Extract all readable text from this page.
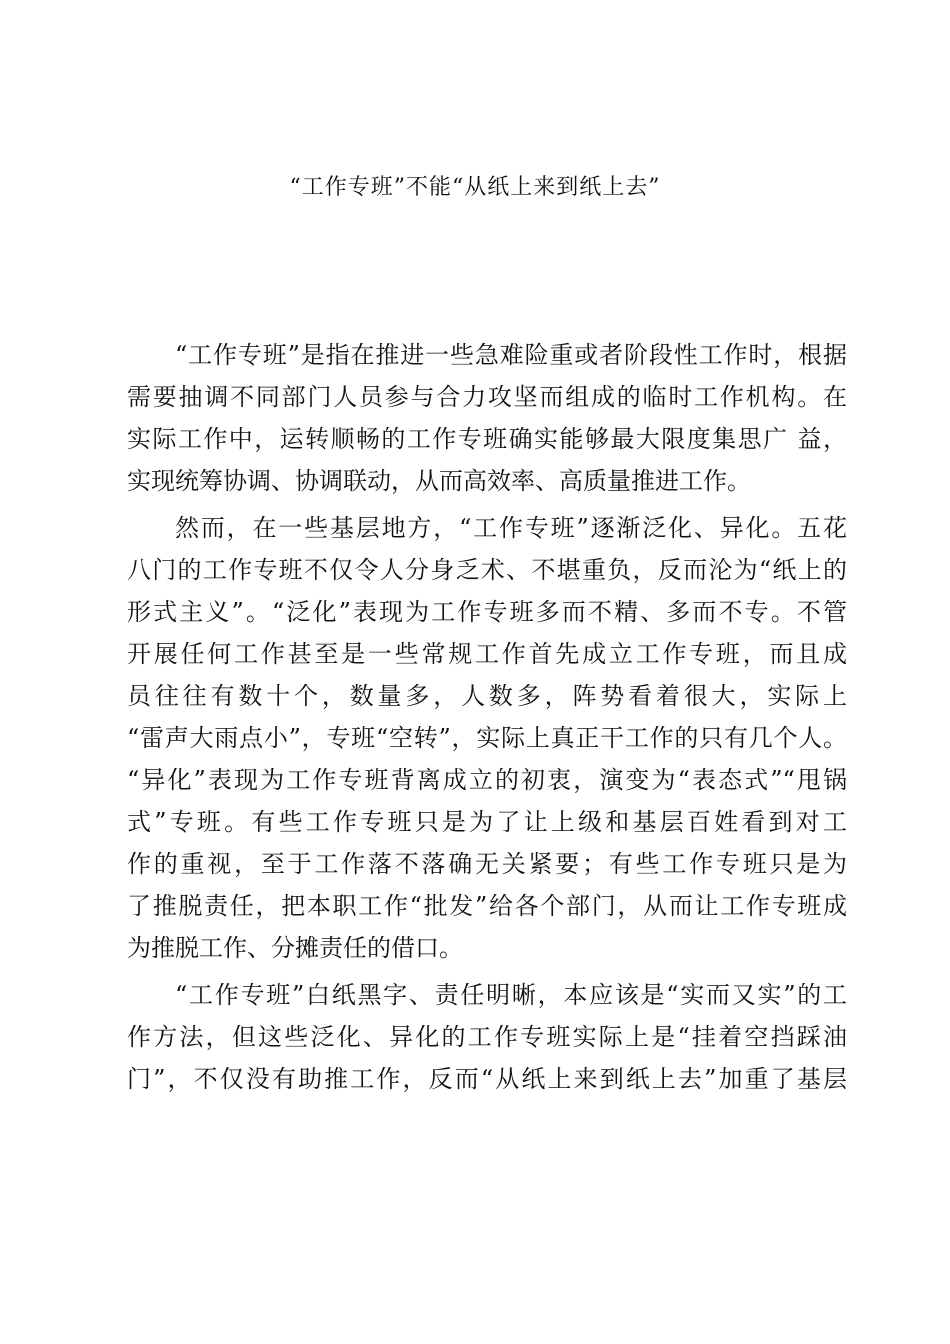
“工作专班”不能“从纸上来到纸上去”
“工作专班”是指在推进一些急难险重或者阶段性工作时，根据
需要抽调不同部门人员参与合力攻坚而组成的临时工作机构。在
实际工作中，运转顺畅的工作专班确实能够最大限度集思广 益，
实现统筹协调、协调联动，从而高效率、高质量推进工作。
然而，在一些基层地方，“工作专班”逐渐泛化、异化。五花
八门的工作专班不仅令人分身乏术、不堪重负，反而沦为“纸上的
形式主义”。“泛化”表现为工作专班多而不精、多而不专。不管
开展任何工作甚至是一些常规工作首先成立工作专班，而且成
员往往有数十个，数量多，人数多，阵势看着很大，实际上
“雷声大雨点小”，专班“空转”，实际上真正干工作的只有几个人。
“异化”表现为工作专班背离成立的初衷，演变为“表态式”“甩锅
式”专班。有些工作专班只是为了让上级和基层百姓看到对工
作的重视，至于工作落不落确无关紧要；有些工作专班只是为
了推脱责任，把本职工作“批发”给各个部门，从而让工作专班成
为推脱工作、分摊责任的借口。
“工作专班”白纸黑字、责任明晰，本应该是“实而又实”的工
作方法，但这些泛化、异化的工作专班实际上是“挂着空挡踩油
门”，不仅没有助推工作，反而“从纸上来到纸上去”加重了基层
